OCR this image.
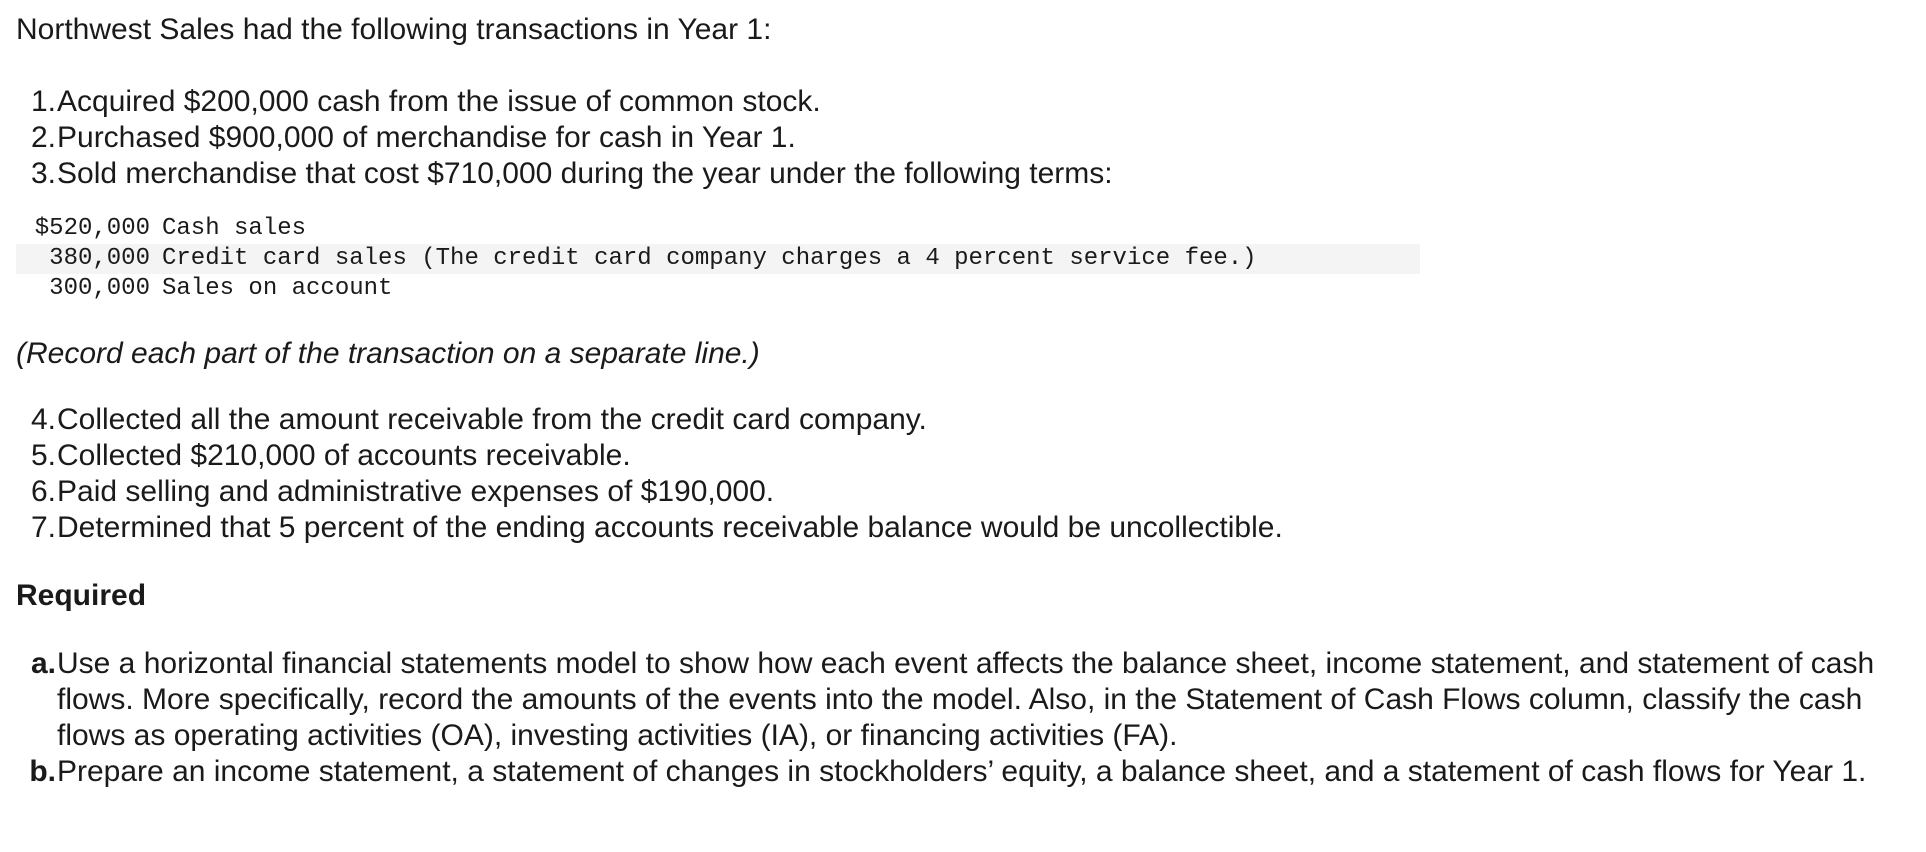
Northwest Sales had the following transactions in Year 1:

1. Acquired $200,000 cash from the issue of common stock.
2. Purchased $900,000 of merchandise for cash in Year 1.
3. Sold merchandise that cost $710,000 during the year under the following terms:
$520,000 Cash sales
380,000 Credit card sales (The credit card company charges a 4 percent service fee.)
300,000 Sales on account

(Record each part of the transaction on a separate line.)

4. Collected all the amount receivable from the credit card company.
5. Collected $210,000 of accounts receivable.
6. Paid selling and administrative expenses of $190,000.
7. Determined that 5 percent of the ending accounts receivable balance would be uncollectible.

Required

a. Use a horizontal financial statements model to show how each event affects the balance sheet, income statement, and statement of cash flows. More specifically, record the amounts of the events into the model. Also, in the Statement of Cash Flows column, classify the cash flows as operating activities (OA), investing activities (IA), or financing activities (FA).
b. Prepare an income statement, a statement of changes in stockholders’ equity, a balance sheet, and a statement of cash flows for Year 1.
